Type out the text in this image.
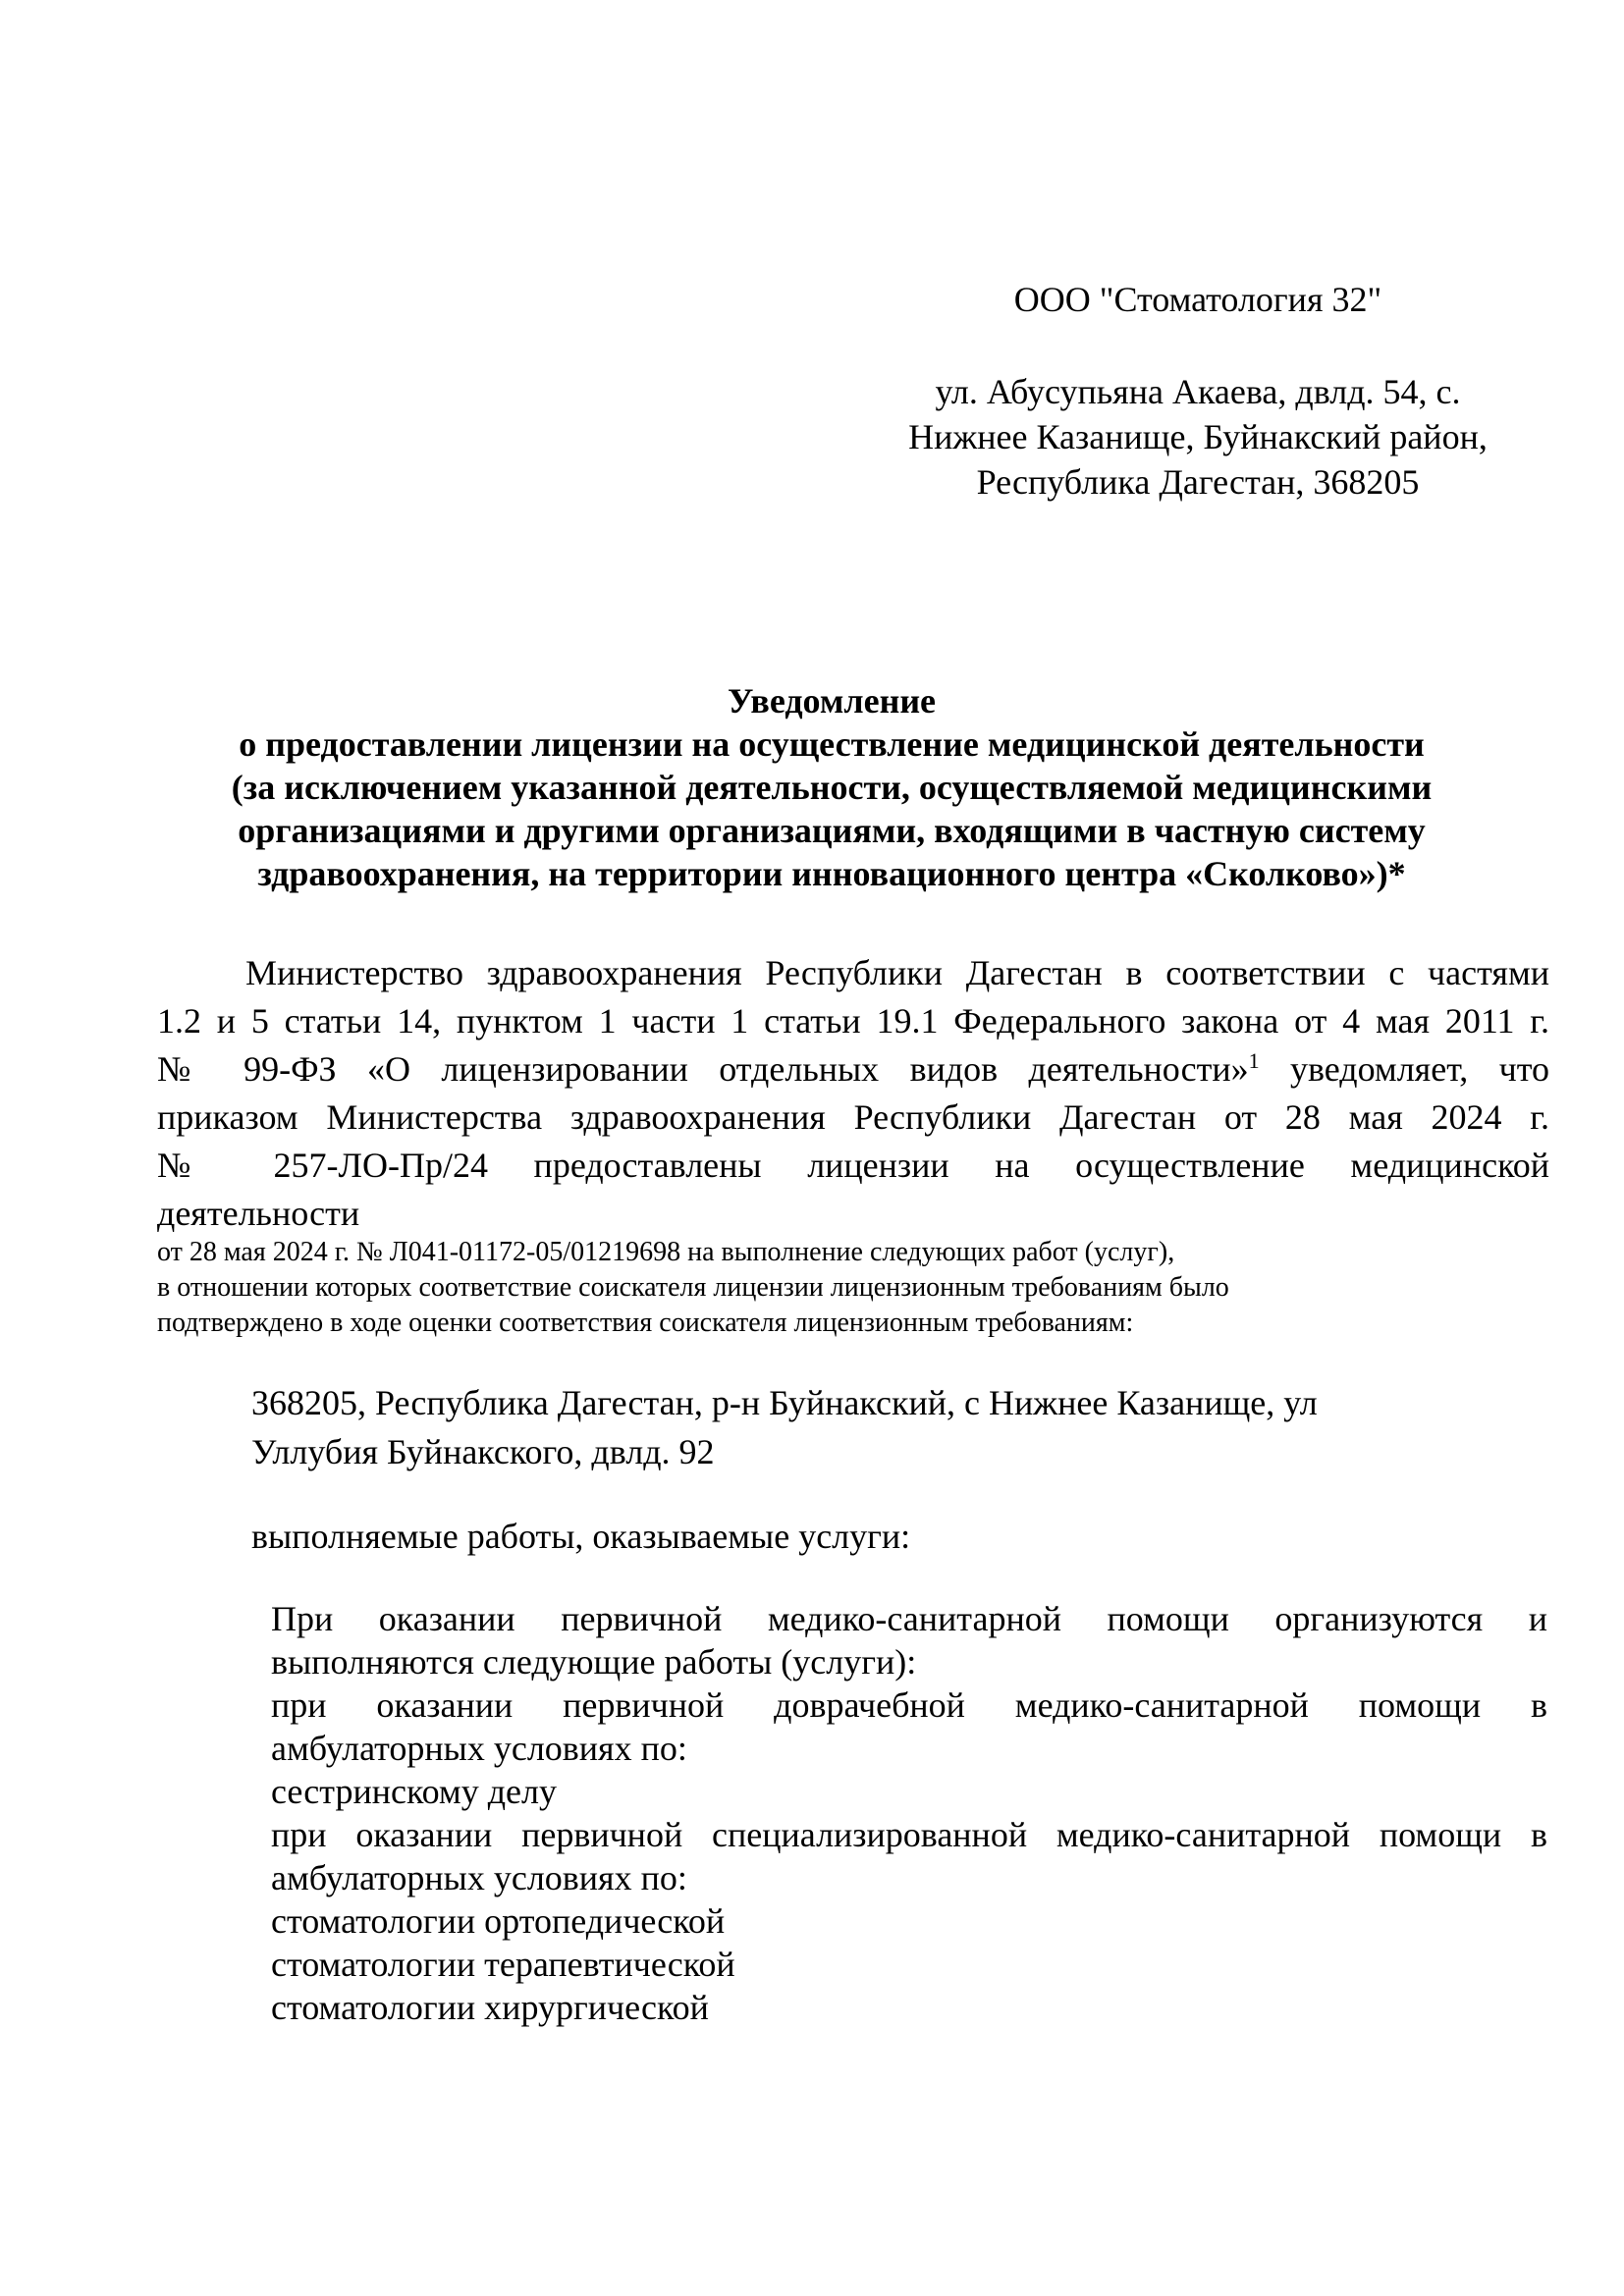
ООО "Стоматология 32"
ул. Абусупьяна Акаева, двлд. 54, с.
Нижнее Казанище, Буйнакский район,
Республика Дагестан, 368205
Уведомление
о предоставлении лицензии на осуществление медицинской деятельности
(за исключением указанной деятельности, осуществляемой медицинскими
организациями и другими организациями, входящими в частную систему
здравоохранения, на территории инновационного центра «Сколково»)*
Министерство здравоохранения Республики Дагестан в соответствии с частями
1.2 и 5 статьи 14, пунктом 1 части 1 статьи 19.1 Федерального закона от 4 мая 2011 г.
№ 99-ФЗ «О лицензировании отдельных видов деятельности»$^1$ уведомляет, что
приказом Министерства здравоохранения Республики Дагестан от 28 мая 2024 г.
№ 257-ЛО-Пр/24 предоставлены лицензии на осуществление медицинской
деятельности
от 28 мая 2024 г. № Л041-01172-05/01219698 на выполнение следующих работ (услуг),
в отношении которых соответствие соискателя лицензии лицензионным требованиям было
подтверждено в ходе оценки соответствия соискателя лицензионным требованиям:
368205, Республика Дагестан, р-н Буйнакский, с Нижнее Казанище, ул
Уллубия Буйнакского, двлд. 92
выполняемые работы, оказываемые услуги:
При оказании первичной медико-санитарной помощи организуются и
выполняются следующие работы (услуги):
при оказании первичной доврачебной медико-санитарной помощи в
амбулаторных условиях по:
сестринскому делу
при оказании первичной специализированной медико-санитарной помощи в
амбулаторных условиях по:
стоматологии ортопедической
стоматологии терапевтической
стоматологии хирургической
